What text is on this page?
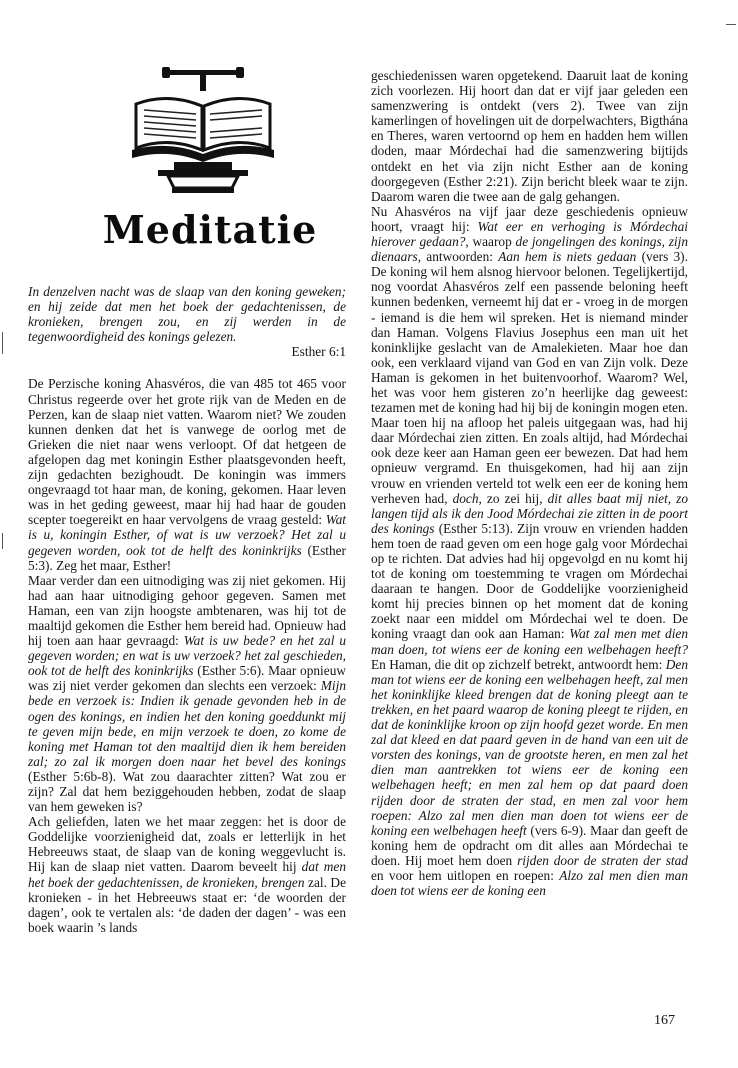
Meditatie

In denzelven nacht was de slaap van den koning geweken; en hij zeide dat men het boek der gedachtenissen, de kronieken, brengen zou, en zij werden in de tegenwoordigheid des konings gelezen.

Esther 6:1

De Perzische koning Ahasvéros, die van 485 tot 465 voor Christus regeerde over het grote rijk van de Meden en de Perzen, kan de slaap niet vatten. Waarom niet? We zouden kunnen denken dat het is vanwege de oorlog met de Grieken die niet naar wens verloopt. Of dat hetgeen de afgelopen dag met koningin Esther plaatsgevonden heeft, zijn gedachten bezighoudt. De koningin was immers ongevraagd tot haar man, de koning, gekomen. Haar leven was in het geding geweest, maar hij had haar de gouden scepter toegereikt en haar vervolgens de vraag gesteld: Wat is u, koningin Esther, of wat is uw verzoek? Het zal u gegeven worden, ook tot de helft des koninkrijks (Esther 5:3). Zeg het maar, Esther!

Maar verder dan een uitnodiging was zij niet gekomen. Hij had aan haar uitnodiging gehoor gegeven. Samen met Haman, een van zijn hoogste ambtenaren, was hij tot de maaltijd gekomen die Esther hem bereid had. Opnieuw had hij toen aan haar gevraagd: Wat is uw bede? en het zal u gegeven worden; en wat is uw verzoek? het zal geschieden, ook tot de helft des koninkrijks (Esther 5:6). Maar opnieuw was zij niet verder gekomen dan slechts een verzoek: Mijn bede en verzoek is: Indien ik genade gevonden heb in de ogen des konings, en indien het den koning goeddunkt mij te geven mijn bede, en mijn verzoek te doen, zo kome de koning met Haman tot den maaltijd dien ik hem bereiden zal; zo zal ik morgen doen naar het bevel des konings (Esther 5:6b-8). Wat zou daarachter zitten? Wat zou er zijn? Zal dat hem beziggehouden hebben, zodat de slaap van hem geweken is?

Ach geliefden, laten we het maar zeggen: het is door de Goddelijke voorzienigheid dat, zoals er letterlijk in het Hebreeuws staat, de slaap van de koning weggevlucht is. Hij kan de slaap niet vatten. Daarom beveelt hij dat men het boek der gedachtenissen, de kronieken, brengen zal. De kronieken - in het Hebreeuws staat er: ‘de woorden der dagen’, ook te vertalen als: ‘de daden der dagen’ - was een boek waarin ’s lands

geschiedenissen waren opgetekend. Daaruit laat de koning zich voorlezen. Hij hoort dan dat er vijf jaar geleden een samenzwering is ontdekt (vers 2). Twee van zijn kamerlingen of hovelingen uit de dorpelwachters, Bigthána en Theres, waren vertoornd op hem en hadden hem willen doden, maar Mórdechai had die samenzwering bijtijds ontdekt en het via zijn nicht Esther aan de koning doorgegeven (Esther 2:21). Zijn bericht bleek waar te zijn. Daarom waren die twee aan de galg gehangen.

Nu Ahasvéros na vijf jaar deze geschiedenis opnieuw hoort, vraagt hij: Wat eer en verhoging is Mórdechai hierover gedaan?, waarop de jongelingen des konings, zijn dienaars, antwoorden: Aan hem is niets gedaan (vers 3). De koning wil hem alsnog hiervoor belonen. Tegelijkertijd, nog voordat Ahasvéros zelf een passende beloning heeft kunnen bedenken, verneemt hij dat er - vroeg in de morgen - iemand is die hem wil spreken. Het is niemand minder dan Haman. Volgens Flavius Josephus een man uit het koninklijke geslacht van de Amalekieten. Maar hoe dan ook, een verklaard vijand van God en van Zijn volk. Deze Haman is gekomen in het buitenvoorhof. Waarom? Wel, het was voor hem gisteren zo’n heerlijke dag geweest: tezamen met de koning had hij bij de koningin mogen eten. Maar toen hij na afloop het paleis uitgegaan was, had hij daar Mórdechai zien zitten. En zoals altijd, had Mórdechai ook deze keer aan Haman geen eer bewezen. Dat had hem opnieuw vergramd. En thuisgekomen, had hij aan zijn vrouw en vrienden verteld tot welk een eer de koning hem verheven had, doch, zo zei hij, dit alles baat mij niet, zo langen tijd als ik den Jood Mórdechai zie zitten in de poort des konings (Esther 5:13). Zijn vrouw en vrienden hadden hem toen de raad geven om een hoge galg voor Mórdechai op te richten. Dat advies had hij opgevolgd en nu komt hij tot de koning om toestemming te vragen om Mórdechai daaraan te hangen. Door de Goddelijke voorzienigheid komt hij precies binnen op het moment dat de koning zoekt naar een middel om Mórdechai wel te doen. De koning vraagt dan ook aan Haman: Wat zal men met dien man doen, tot wiens eer de koning een welbehagen heeft? En Haman, die dit op zichzelf betrekt, antwoordt hem: Den man tot wiens eer de koning een welbehagen heeft, zal men het koninklijke kleed brengen dat de koning pleegt aan te trekken, en het paard waarop de koning pleegt te rijden, en dat de koninklijke kroon op zijn hoofd gezet worde. En men zal dat kleed en dat paard geven in de hand van een uit de vorsten des konings, van de grootste heren, en men zal het dien man aantrekken tot wiens eer de koning een welbehagen heeft; en men zal hem op dat paard doen rijden door de straten der stad, en men zal voor hem roepen: Alzo zal men dien man doen tot wiens eer de koning een welbehagen heeft (vers 6-9). Maar dan geeft de koning hem de opdracht om dit alles aan Mórdechai te doen. Hij moet hem doen rijden door de straten der stad en voor hem uitlopen en roepen: Alzo zal men dien man doen tot wiens eer de koning een

167
